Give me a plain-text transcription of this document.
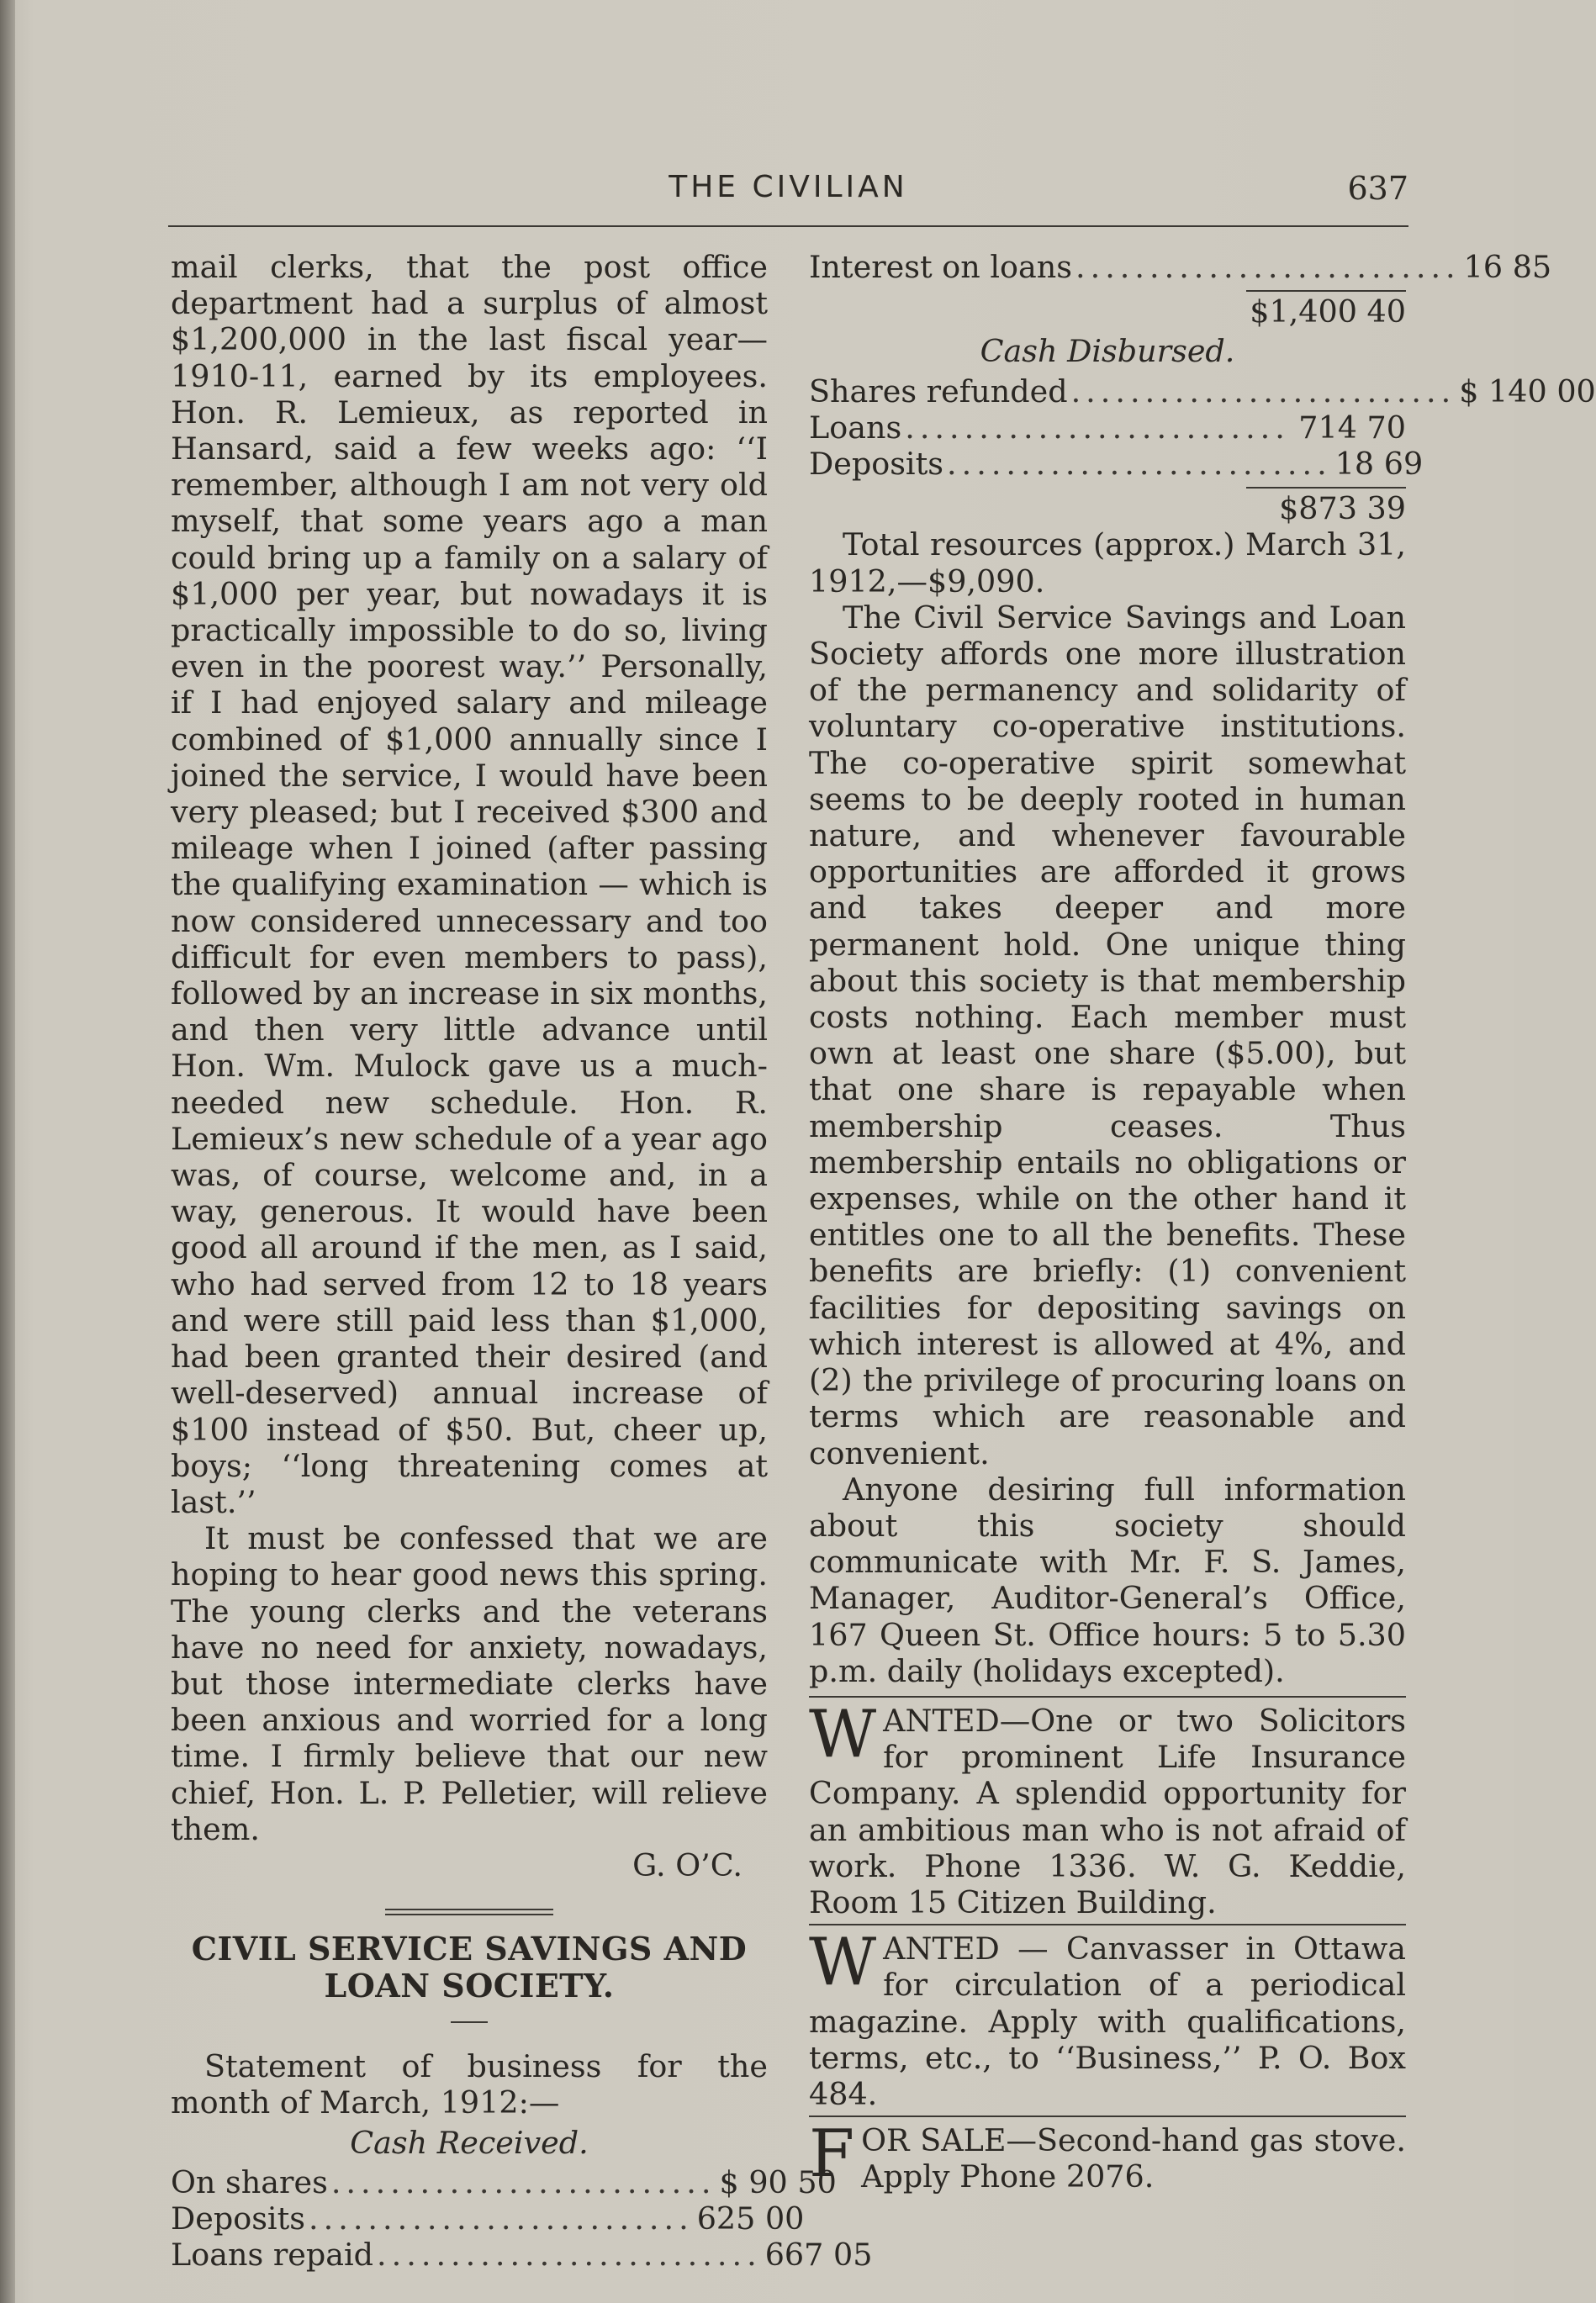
THE CIVILIAN	637

mail clerks, that the post office department had a surplus of almost $1,200,000 in the last fiscal year—1910-11, earned by its employees. Hon. R. Lemieux, as reported in Hansard, said a few weeks ago: ‘‘I remember, although I am not very old myself, that some years ago a man could bring up a family on a salary of $1,000 per year, but nowadays it is practically impossible to do so, living even in the poorest way.’’ Personally, if I had enjoyed salary and mileage combined of $1,000 annually since I joined the service, I would have been very pleased; but I received $300 and mileage when I joined (after passing the qualifying examination — which is now considered unnecessary and too difficult for even members to pass), followed by an increase in six months, and then very little advance until Hon. Wm. Mulock gave us a much-needed new schedule. Hon. R. Lemieux’s new schedule of a year ago was, of course, welcome and, in a way, generous. It would have been good all around if the men, as I said, who had served from 12 to 18 years and were still paid less than $1,000, had been granted their desired (and well-deserved) annual increase of $100 instead of $50. But, cheer up, boys; ‘‘long threatening comes at last.’’

It must be confessed that we are hoping to hear good news this spring. The young clerks and the veterans have no need for anxiety, nowadays, but those intermediate clerks have been anxious and worried for a long time. I firmly believe that our new chief, Hon. L. P. Pelletier, will relieve them.

G. O’C.
CIVIL SERVICE SAVINGS AND
LOAN SOCIETY.

Statement of business for the month of March, 1912:—

Cash Received.
On shares .......................... $ 90 50
Deposits .......................... 625 00
Loans repaid .......................... 667 05
Interest on loans .......................... 16 85
$1,400 40
Cash Disbursed.
Shares refunded .......................... $ 140 00
Loans .......................... 714 70
Deposits .......................... 18 69
$873 39

Total resources (approx.) March 31, 1912,—$9,090.

The Civil Service Savings and Loan Society affords one more illustration of the permanency and solidarity of voluntary co-operative institutions. The co-operative spirit somewhat seems to be deeply rooted in human nature, and whenever favourable opportunities are afforded it grows and takes deeper and more permanent hold. One unique thing about this society is that membership costs nothing. Each member must own at least one share ($5.00), but that one share is repayable when membership ceases. Thus membership entails no obligations or expenses, while on the other hand it entitles one to all the benefits. These benefits are briefly: (1) convenient facilities for depositing savings on which interest is allowed at 4%, and (2) the privilege of procuring loans on terms which are reasonable and convenient.

Anyone desiring full information about this society should communicate with Mr. F. S. James, Manager, Auditor-General’s Office, 167 Queen St. Office hours: 5 to 5.30 p.m. daily (holidays excepted).

W ANTED—One or two Solicitors for prominent Life Insurance Company. A splendid opportunity for an ambitious man who is not afraid of work. Phone 1336. W. G. Keddie, Room 15 Citizen Building.

W ANTED — Canvasser in Ottawa for circulation of a periodical magazine. Apply with qualifications, terms, etc., to ‘‘Business,’’ P. O. Box 484.

F OR SALE—Second-hand gas stove. Apply Phone 2076.
